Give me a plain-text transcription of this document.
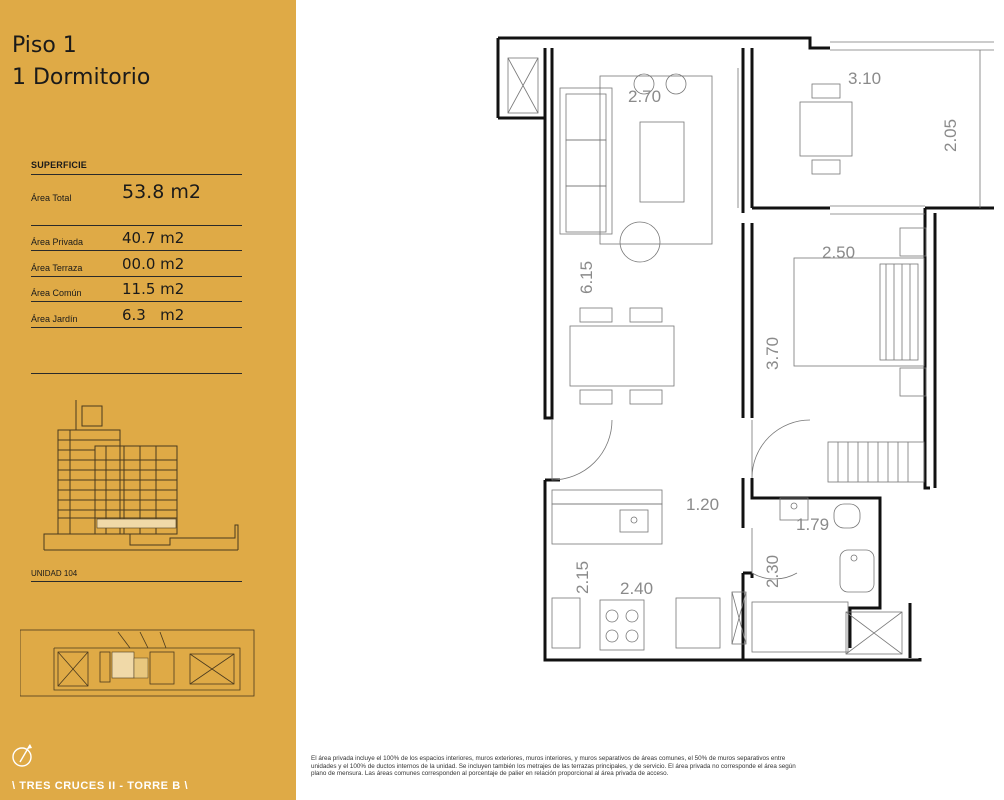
Piso 1
1 Dormitorio
SUPERFICIE
Área Total	53.8 m2
Área Privada	40.7 m2
Área Terraza	00.0 m2
Área Común	11.5 m2
Área Jardín	6.3   m2
UNIDAD 104
\ TRES CRUCES II - TORRE B \
2.70
3.10
2.05
2.50
6.15
3.70
1.20
1.79
2.15 2.40
2.30
El área privada incluye el 100% de los espacios interiores, muros exteriores, muros interiores, y muros separativos de áreas comunes, el 50% de muros separativos entre unidades y el 100% de ductos internos de la unidad. Se incluyen también los metrajes de las terrazas principales, y de servicio. El área privada no corresponde el área según plano de mensura. Las áreas comunes corresponden al porcentaje de palier en relación proporcional al área privada de acceso.
